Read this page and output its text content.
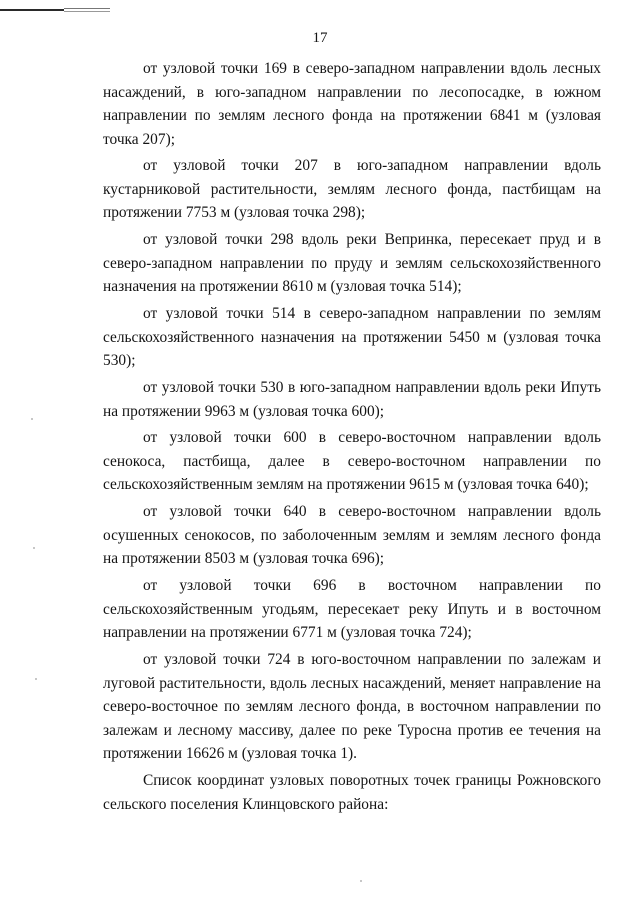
17

от узловой точки 169 в северо-западном направлении вдоль лесных насаждений, в юго-западном направлении по лесопосадке, в южном направлении по землям лесного фонда на протяжении 6841 м (узловая точка 207);

от узловой точки 207 в юго-западном направлении вдоль кустарниковой растительности, землям лесного фонда, пастбищам на протяжении 7753 м (узловая точка 298);

от узловой точки 298 вдоль реки Вепринка, пересекает пруд и в северо-западном направлении по пруду и землям сельскохозяйственного назначения на протяжении 8610 м (узловая точка 514);

от узловой точки 514 в северо-западном направлении по землям сельскохозяйственного назначения на протяжении 5450 м (узловая точка 530);

от узловой точки 530 в юго-западном направлении вдоль реки Ипуть на протяжении 9963 м (узловая точка 600);

от узловой точки 600 в северо-восточном направлении вдоль сенокоса, пастбища, далее в северо-восточном направлении по сельскохозяйственным землям на протяжении 9615 м (узловая точка 640);

от узловой точки 640 в северо-восточном направлении вдоль осушенных сенокосов, по заболоченным землям и землям лесного фонда на протяжении 8503 м (узловая точка 696);

от узловой точки 696 в восточном направлении по сельскохозяйственным угодьям, пересекает реку Ипуть и в восточном направлении на протяжении 6771 м (узловая точка 724);

от узловой точки 724 в юго-восточном направлении по залежам и луговой растительности, вдоль лесных насаждений, меняет направление на северо-восточное по землям лесного фонда, в восточном направлении по залежам и лесному массиву, далее по реке Туросна против ее течения на протяжении 16626 м (узловая точка 1).

Список координат узловых поворотных точек границы Рожновского сельского поселения Клинцовского района:
